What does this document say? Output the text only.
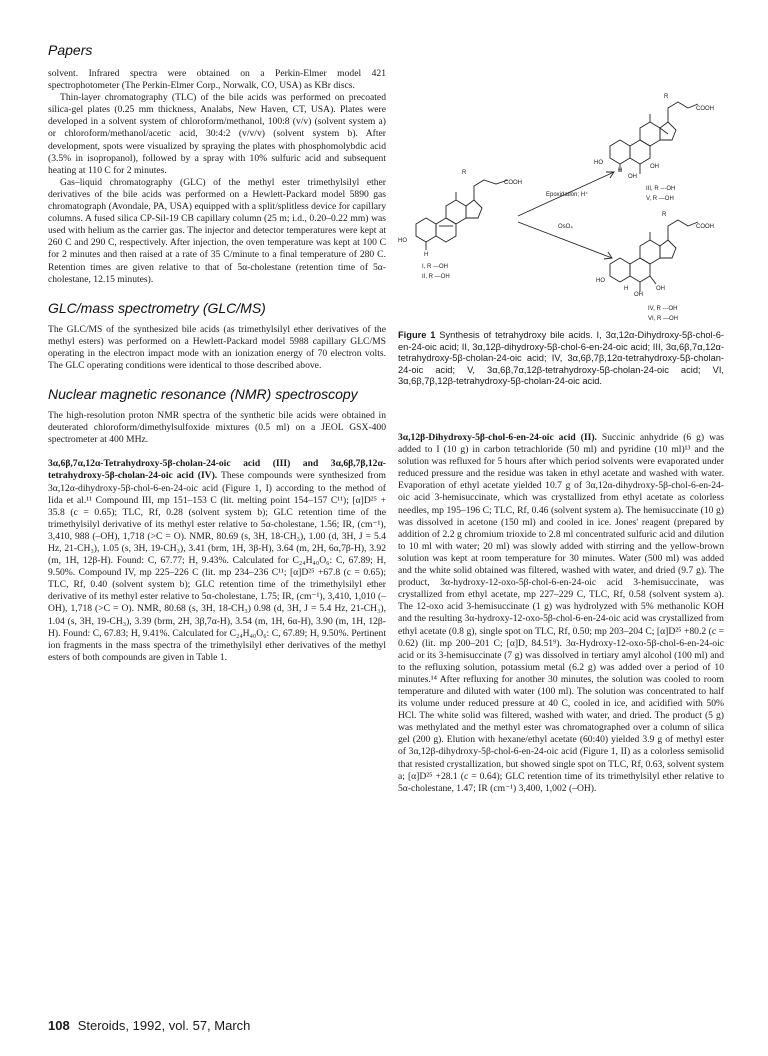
Papers

solvent. Infrared spectra were obtained on a Perkin-Elmer model 421 spectrophotometer (The Perkin-Elmer Corp., Norwalk, CO, USA) as KBr discs.

Thin-layer chromatography (TLC) of the bile acids was performed on precoated silica-gel plates (0.25 mm thickness, Analabs, New Haven, CT, USA). Plates were developed in a solvent system of chloroform/methanol, 100:8 (v/v) (solvent system a) or chloroform/methanol/acetic acid, 30:4:2 (v/v/v) (solvent system b). After development, spots were visualized by spraying the plates with phosphomolybdic acid (3.5% in isopropanol), followed by a spray with 10% sulfuric acid and subsequent heating at 110 C for 2 minutes.

Gas–liquid chromatography (GLC) of the methyl ester trimethylsilyl ether derivatives of the bile acids was performed on a Hewlett-Packard model 5890 gas chromatograph (Avondale, PA, USA) equipped with a split/splitless device for capillary columns. A fused silica CP-Sil-19 CB capillary column (25 m; i.d., 0.20–0.22 mm) was used with helium as the carrier gas. The injector and detector temperatures were kept at 260 C and 290 C, respectively. After injection, the oven temperature was kept at 100 C for 2 minutes and then raised at a rate of 35 C/minute to a final temperature of 280 C. Retention times are given relative to that of 5α-cholestane (retention time of 5α-cholestane, 12.15 minutes).

GLC/mass spectrometry (GLC/MS)

The GLC/MS of the synthesized bile acids (as trimethylsilyl ether derivatives of the methyl esters) was performed on a Hewlett-Packard model 5988 capillary GLC/MS operating in the electron impact mode with an ionization energy of 70 electron volts. The GLC operating conditions were identical to those described above.

Nuclear magnetic resonance (NMR) spectroscopy

The high-resolution proton NMR spectra of the synthetic bile acids were obtained in deuterated chloroform/dimethylsulfoxide mixtures (0.5 ml) on a JEOL GSX-400 spectrometer at 400 MHz.

3α,6β,7α,12α-Tetrahydroxy-5β-cholan-24-oic acid (III) and 3α,6β,7β,12α-tetrahydroxy-5β-cholan-24-oic acid (IV). These compounds were synthesized from 3α,12α-dihydroxy-5β-chol-6-en-24-oic acid (Figure 1, I) according to the method of Iida et al.¹¹ Compound III, mp 151–153 C (lit. melting point 154–157 C¹¹); [α]D²⁵ + 35.8 (c = 0.65); TLC, Rf, 0.28 (solvent system b); GLC retention time of the trimethylsilyl derivative of its methyl ester relative to 5α-cholestane, 1.56; IR, (cm⁻¹), 3,410, 988 (–OH), 1,718 (>C = O). NMR, 80.69 (s, 3H, 18-CH₃), 1.00 (d, 3H, J = 5.4 Hz, 21-CH₃), 1.05 (s, 3H, 19-CH₃), 3.41 (brm, 1H, 3β-H), 3.64 (m, 2H, 6α,7β-H), 3.92 (m, 1H, 12β-H). Found: C, 67.77; H, 9.43%. Calculated for C₂₄H₄₀O₆: C, 67.89; H, 9.50%. Compound IV, mp 225–226 C (lit. mp 234–236 C¹¹; [α]D²⁵ +67.8 (c = 0.65); TLC, Rf, 0.40 (solvent system b); GLC retention time of the trimethylsilyl ether derivative of its methyl ester relative to 5α-cholestane, 1.75; IR, (cm⁻¹), 3,410, 1,010 (–OH), 1,718 (>C = O). NMR, 80.68 (s, 3H, 18-CH₃) 0.98 (d, 3H, J = 5.4 Hz, 21-CH₃), 1.04 (s, 3H, 19-CH₃), 3.39 (brm, 2H, 3β,7α-H), 3.54 (m, 1H, 6α-H), 3.90 (m, 1H, 12β-H). Found: C, 67.83; H, 9.41%. Calculated for C₂₄H₄₀O₆: C, 67.89; H, 9.50%. Pertinent ion fragments in the mass spectra of the trimethylsilyl ether derivatives of the methyl esters of both compounds are given in Table 1.

COOH
R
HO
OH
OH
H
III, R ---OH
V, R —OH
Epoxidation; H⁺
OsO₄
COOH
R
HO
H
I, R ---OH
II, R —OH
COOH
R
HO
OH
OH
H
IV, R ---OH
VI, R —OH
Figure 1 Synthesis of tetrahydroxy bile acids. I, 3α,12α-Dihydroxy-5β-chol-6-en-24-oic acid; II, 3α,12β-dihydroxy-5β-chol-6-en-24-oic acid; III, 3α,6β,7α,12α-tetrahydroxy-5β-cholan-24-oic acid; IV, 3α,6β,7β,12α-tetrahydroxy-5β-cholan-24-oic acid; V, 3α,6β,7α,12β-tetrahydroxy-5β-cholan-24-oic acid; VI, 3α,6β,7β,12β-tetrahydroxy-5β-cholan-24-oic acid.

3α,12β-Dihydroxy-5β-chol-6-en-24-oic acid (II). Succinic anhydride (6 g) was added to I (10 g) in carbon tetrachloride (50 ml) and pyridine (10 ml)¹³ and the solution was refluxed for 5 hours after which period solvents were evaporated under reduced pressure and the residue was taken in ethyl acetate and washed with water. Evaporation of ethyl acetate yielded 10.7 g of 3α,12α-dihydroxy-5β-chol-6-en-24-oic acid 3-hemisuccinate, which was crystallized from ethyl acetate as colorless needles, mp 195–196 C; TLC, Rf, 0.46 (solvent system a). The hemisuccinate (10 g) was dissolved in acetone (150 ml) and cooled in ice. Jones' reagent (prepared by addition of 2.2 g chromium trioxide to 2.8 ml concentrated sulfuric acid and dilution to 10 ml with water; 20 ml) was slowly added with stirring and the yellow-brown solution was kept at room temperature for 30 minutes. Water (500 ml) was added and the white solid obtained was filtered, washed with water, and dried (9.7 g). The product, 3α-hydroxy-12-oxo-5β-chol-6-en-24-oic acid 3-hemisuccinate, was crystallized from ethyl acetate, mp 227–229 C, TLC, Rf, 0.58 (solvent system a). The 12-oxo acid 3-hemisuccinate (1 g) was hydrolyzed with 5% methanolic KOH and the resulting 3α-hydroxy-12-oxo-5β-chol-6-en-24-oic acid was crystallized from ethyl acetate (0.8 g), single spot on TLC, Rf, 0.50; mp 203–204 C; [α]D²⁵ +80.2 (c = 0.62) (lit. mp 200–201 C; [α]D, 84.51⁹). 3α-Hydroxy-12-oxo-5β-chol-6-en-24-oic acid or its 3-hemisuccinate (7 g) was dissolved in tertiary amyl alcohol (100 ml) and to the refluxing solution, potassium metal (6.2 g) was added over a period of 10 minutes.¹⁴ After refluxing for another 30 minutes, the solution was cooled to room temperature and diluted with water (100 ml). The solution was concentrated to half its volume under reduced pressure at 40 C, cooled in ice, and acidified with 50% HCl. The white solid was filtered, washed with water, and dried. The product (5 g) was methylated and the methyl ester was chromatographed over a column of silica gel (200 g). Elution with hexane/ethyl acetate (60:40) yielded 3.9 g of methyl ester of 3α,12β-dihydroxy-5β-chol-6-en-24-oic acid (Figure 1, II) as a colorless semisolid that resisted crystallization, but showed single spot on TLC, Rf, 0.63, solvent system a; [α]D²⁵ +28.1 (c = 0.64); GLC retention time of its trimethylsilyl ether relative to 5α-cholestane, 1.47; IR (cm⁻¹) 3,400, 1,002 (–OH).

108 Steroids, 1992, vol. 57, March
